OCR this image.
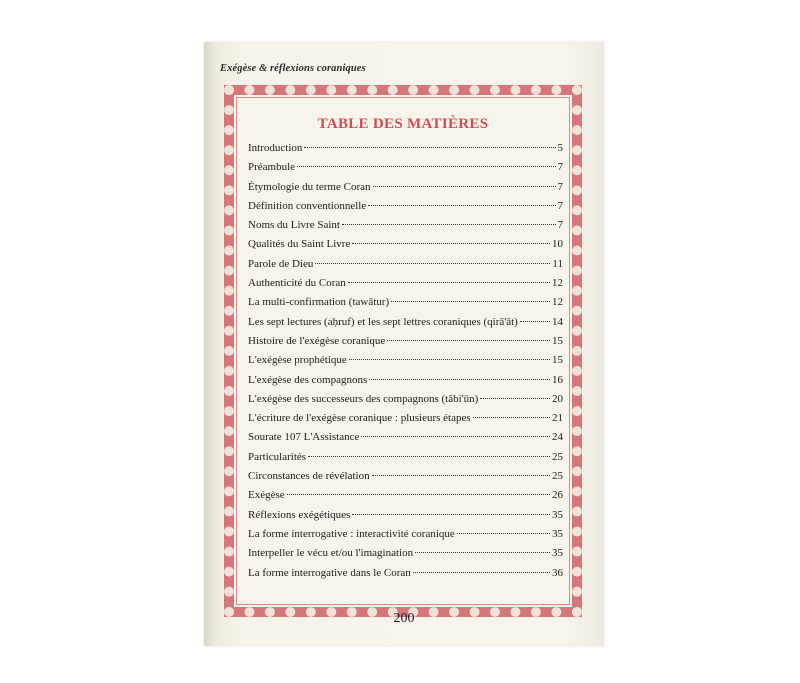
Exégèse & réflexions coraniques
TABLE DES MATIÈRES
Introduction	5
Préambule	7
Étymologie du terme Coran	7
Définition conventionnelle	7
Noms du Livre Saint	7
Qualités du Saint Livre	10
Parole de Dieu	11
Authenticité du Coran	12
La multi-confirmation (tawātur)	12
Les sept lectures (aḥruf) et les sept lettres coraniques (qirā'āt)	14
Histoire de l'exégèse coranique	15
L'exégèse prophétique	15
L'exégèse des compagnons	16
L'exégèse des successeurs des compagnons (tābi'ūn)	20
L'écriture de l'exégèse coranique : plusieurs étapes	21
Sourate 107 L'Assistance	24
Particularités	25
Circonstances de révélation	25
Exégèse	26
Réflexions exégétiques	35
La forme interrogative : interactivité coranique	35
Interpeller le vécu et/ou l'imagination	35
La forme interrogative dans le Coran	36
200
